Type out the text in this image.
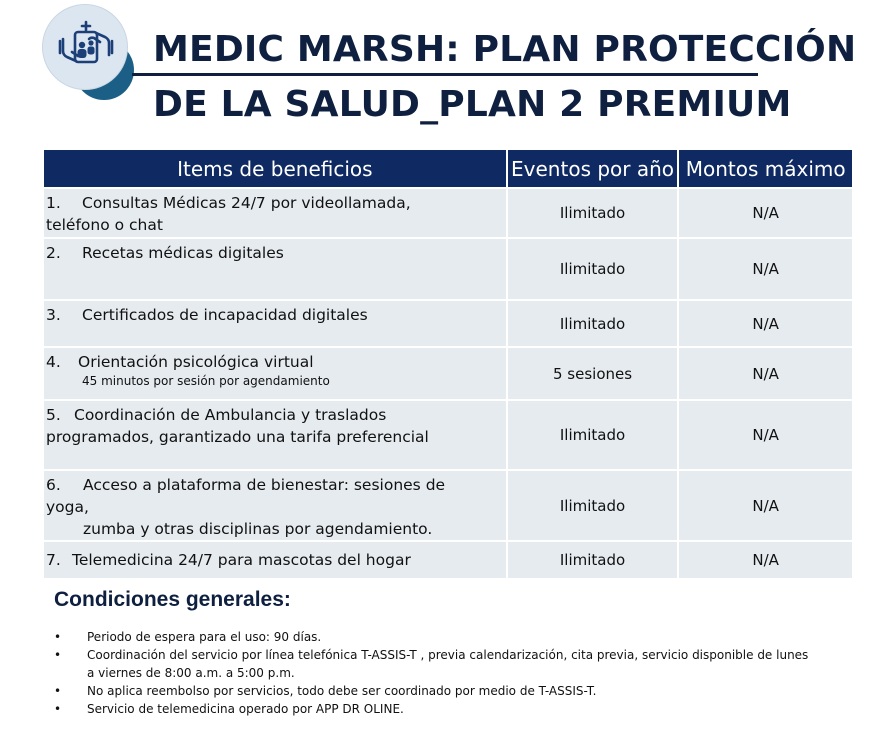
MEDIC MARSH: PLAN PROTECCIÓN
DE LA SALUD_PLAN 2 PREMIUM
Items de beneficios	Eventos por año	Montos máximo
1. Consultas Médicas 24/7 por videollamada,
teléfono o chat	Ilimitado	N/A
2. Recetas médicas digitales	Ilimitado	N/A
3. Certificados de incapacidad digitales	Ilimitado	N/A
4. Orientación psicológica virtual
45 minutos por sesión por agendamiento	5 sesiones	N/A
5. Coordinación de Ambulancia y traslados
programados, garantizado una tarifa preferencial	Ilimitado	N/A
6. Acceso a plataforma de bienestar: sesiones de yoga,
zumba y otras disciplinas por agendamiento.	Ilimitado	N/A
7. Telemedicina 24/7 para mascotas del hogar	Ilimitado	N/A
Condiciones generales:
• Periodo de espera para el uso: 90 días.
• Coordinación del servicio por línea telefónica T-ASSIS-T , previa calendarización, cita previa, servicio disponible de lunes
a viernes de 8:00 a.m. a 5:00 p.m.
• No aplica reembolso por servicios, todo debe ser coordinado por medio de T-ASSIS-T.
• Servicio de telemedicina operado por APP DR OLINE.
